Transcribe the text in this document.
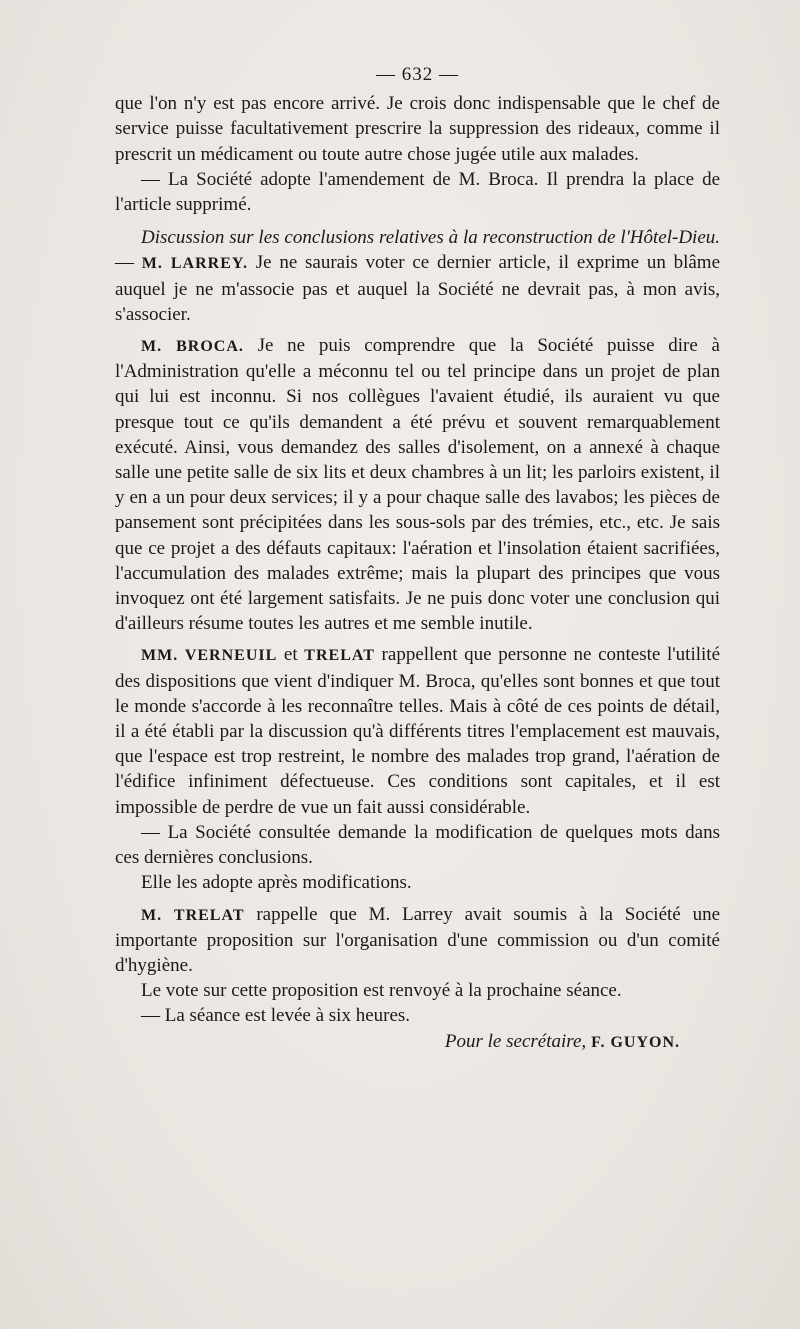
— 632 —

que l'on n'y est pas encore arrivé. Je crois donc indispensable que le chef de service puisse facultativement prescrire la suppression des rideaux, comme il prescrit un médicament ou toute autre chose jugée utile aux malades.

— La Société adopte l'amendement de M. Broca. Il prendra la place de l'article supprimé.

Discussion sur les conclusions relatives à la reconstruction de l'Hôtel-Dieu. — M. LARREY. Je ne saurais voter ce dernier article, il exprime un blâme auquel je ne m'associe pas et auquel la Société ne devrait pas, à mon avis, s'associer.

M. BROCA. Je ne puis comprendre que la Société puisse dire à l'Administration qu'elle a méconnu tel ou tel principe dans un projet de plan qui lui est inconnu. Si nos collègues l'avaient étudié, ils auraient vu que presque tout ce qu'ils demandent a été prévu et souvent remarquablement exécuté. Ainsi, vous demandez des salles d'isolement, on a annexé à chaque salle une petite salle de six lits et deux chambres à un lit; les parloirs existent, il y en a un pour deux services; il y a pour chaque salle des lavabos; les pièces de pansement sont précipitées dans les sous-sols par des trémies, etc., etc. Je sais que ce projet a des défauts capitaux: l'aération et l'insolation étaient sacrifiées, l'accumulation des malades extrême; mais la plupart des principes que vous invoquez ont été largement satisfaits. Je ne puis donc voter une conclusion qui d'ailleurs résume toutes les autres et me semble inutile.

MM. VERNEUIL et TRELAT rappellent que personne ne conteste l'utilité des dispositions que vient d'indiquer M. Broca, qu'elles sont bonnes et que tout le monde s'accorde à les reconnaître telles. Mais à côté de ces points de détail, il a été établi par la discussion qu'à différents titres l'emplacement est mauvais, que l'espace est trop restreint, le nombre des malades trop grand, l'aération de l'édifice infiniment défectueuse. Ces conditions sont capitales, et il est impossible de perdre de vue un fait aussi considérable.

— La Société consultée demande la modification de quelques mots dans ces dernières conclusions.

Elle les adopte après modifications.

M. TRELAT rappelle que M. Larrey avait soumis à la Société une importante proposition sur l'organisation d'une commission ou d'un comité d'hygiène.

Le vote sur cette proposition est renvoyé à la prochaine séance.

— La séance est levée à six heures.

Pour le secrétaire, F. GUYON.
